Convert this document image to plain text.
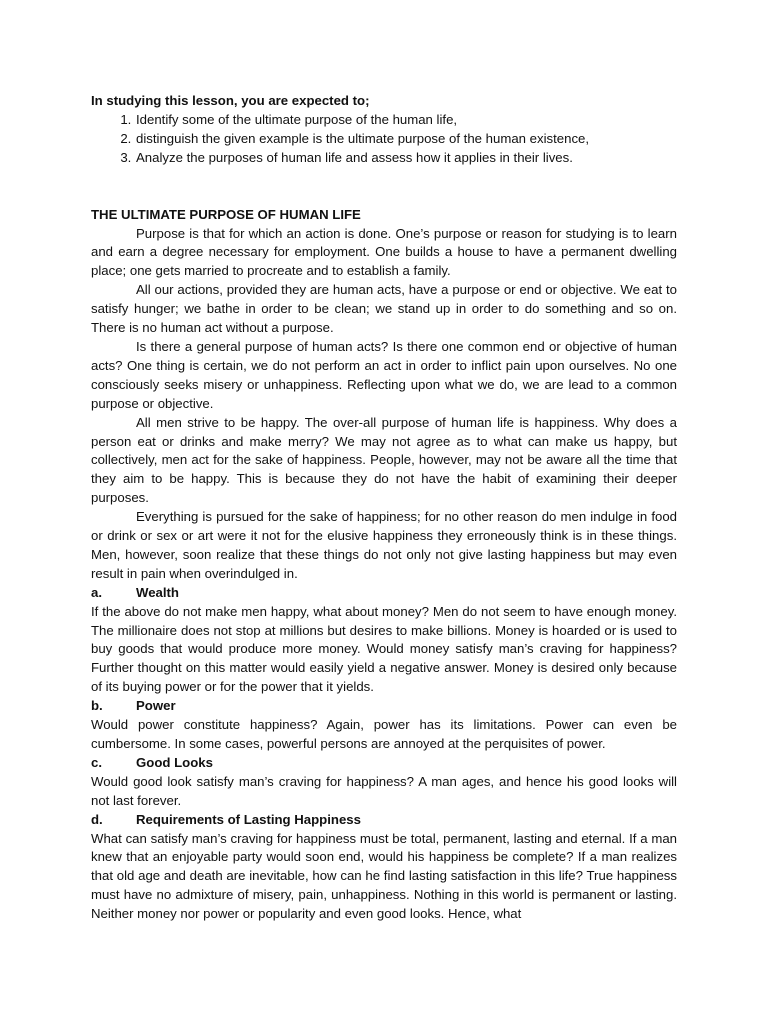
In studying this lesson, you are expected to;

1. Identify some of the ultimate purpose of the human life,
2. distinguish the given example is the ultimate purpose of the human existence,
3. Analyze the purposes of human life and assess how it applies in their lives.

THE ULTIMATE PURPOSE OF HUMAN LIFE

Purpose is that for which an action is done. One’s purpose or reason for studying is to learn and earn a degree necessary for employment. One builds a house to have a permanent dwelling place; one gets married to procreate and to establish a family.

All our actions, provided they are human acts, have a purpose or end or objective. We eat to satisfy hunger; we bathe in order to be clean; we stand up in order to do something and so on. There is no human act without a purpose.

Is there a general purpose of human acts? Is there one common end or objective of human acts? One thing is certain, we do not perform an act in order to inflict pain upon ourselves. No one consciously seeks misery or unhappiness. Reflecting upon what we do, we are lead to a common purpose or objective.

All men strive to be happy. The over-all purpose of human life is happiness. Why does a person eat or drinks and make merry? We may not agree as to what can make us happy, but collectively, men act for the sake of happiness. People, however, may not be aware all the time that they aim to be happy. This is because they do not have the habit of examining their deeper purposes.

Everything is pursued for the sake of happiness; for no other reason do men indulge in food or drink or sex or art were it not for the elusive happiness they erroneously think is in these things. Men, however, soon realize that these things do not only not give lasting happiness but may even result in pain when overindulged in.

a.	Wealth

If the above do not make men happy, what about money? Men do not seem to have enough money. The millionaire does not stop at millions but desires to make billions. Money is hoarded or is used to buy goods that would produce more money. Would money satisfy man’s craving for happiness? Further thought on this matter would easily yield a negative answer. Money is desired only because of its buying power or for the power that it yields.

b.	Power

Would power constitute happiness? Again, power has its limitations. Power can even be cumbersome. In some cases, powerful persons are annoyed at the perquisites of power.

c.	Good Looks

Would good look satisfy man’s craving for happiness? A man ages, and hence his good looks will not last forever.

d.	Requirements of Lasting Happiness

What can satisfy man’s craving for happiness must be total, permanent, lasting and eternal. If a man knew that an enjoyable party would soon end, would his happiness be complete? If a man realizes that old age and death are inevitable, how can he find lasting satisfaction in this life? True happiness must have no admixture of misery, pain, unhappiness. Nothing in this world is permanent or lasting. Neither money nor power or popularity and even good looks. Hence, what
